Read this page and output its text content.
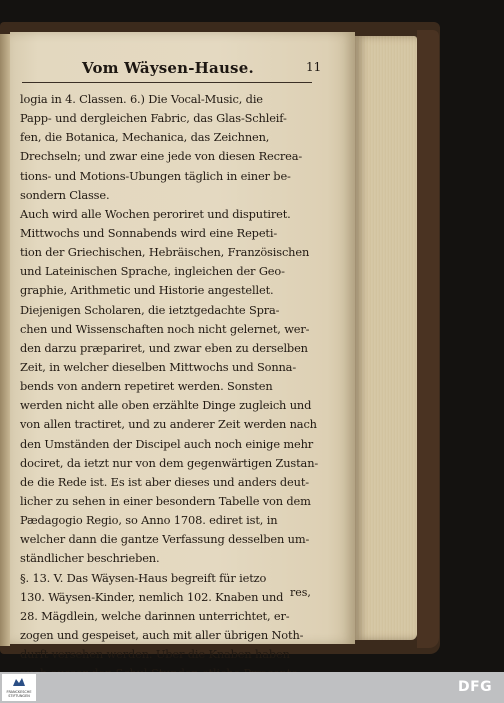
Vom Wäysen-Hause.	11
logia in 4. Classen. 6.) Die Vocal-Music, die
Papp- und dergleichen Fabric, das Glas-Schleif-
fen, die Botanica, Mechanica, das Zeichnen,
Drechseln; und zwar eine jede von diesen Recrea-
tions- und Motions-Ubungen täglich in einer be-
sondern Classe.
Auch wird alle Wochen peroriret und disputiret.
Mittwochs und Sonnabends wird eine Repeti-
tion der Griechischen, Hebräischen, Französischen
und Lateinischen Sprache, ingleichen der Geo-
graphie, Arithmetic und Historie angestellet.
Diejenigen Scholaren, die ietztgedachte Spra-
chen und Wissenschaften noch nicht gelernet, wer-
den darzu præpariret, und zwar eben zu derselben
Zeit, in welcher dieselben Mittwochs und Sonna-
bends von andern repetiret werden. Sonsten
werden nicht alle oben erzählte Dinge zugleich und
von allen tractiret, und zu anderer Zeit werden nach
den Umständen der Discipel auch noch einige mehr
dociret, da ietzt nur von dem gegenwärtigen Zustan-
de die Rede ist. Es ist aber dieses und anders deut-
licher zu sehen in einer besondern Tabelle von dem
Pædagogio Regio, so Anno 1708. ediret ist, in
welcher dann die gantze Verfassung desselben um-
ständlicher beschrieben.
§. 13. V. Das Wäysen-Haus begreift für ietzo
130. Wäysen-Kinder, nemlich 102. Knaben und
28. Mägdlein, welche darinnen unterrichtet, er-
zogen und gespeiset, auch mit aller übrigen Noth-
durft versehen werden. Uber die Knaben haben
res,
FRANCKESCHE STIFTUNGEN
DFG
